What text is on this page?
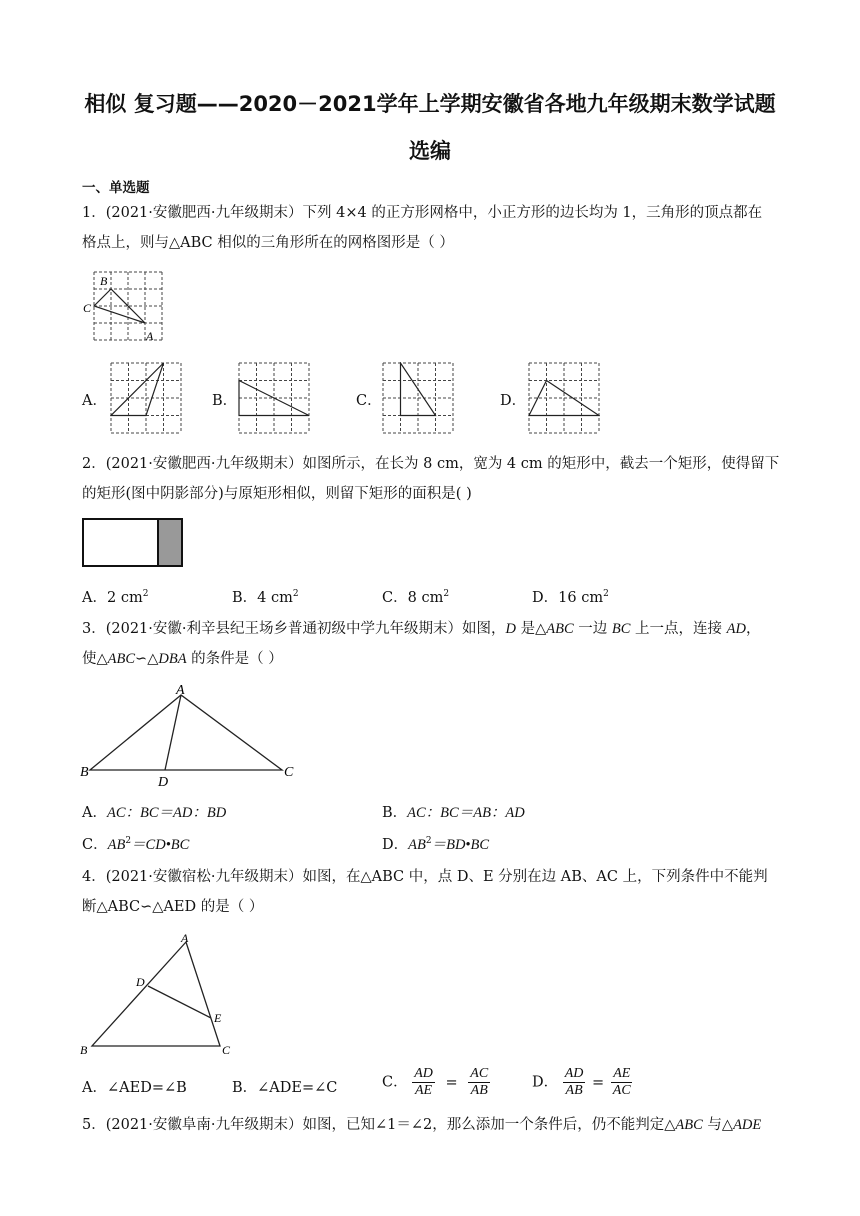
相似 复习题——2020－2021学年上学期安徽省各地九年级期末数学试题
选编
一、单选题
1．(2021·安徽肥西·九年级期末）下列 4×4 的正方形网格中，小正方形的边长均为 1，三角形的顶点都在
格点上，则与△ABC 相似的三角形所在的网格图形是（ ）
B
C
A
A．	B．	C．	D．
2．(2021·安徽肥西·九年级期末）如图所示，在长为 8 cm，宽为 4 cm 的矩形中，截去一个矩形，使得留下
的矩形(图中阴影部分)与原矩形相似，则留下矩形的面积是( )
A．2 $cm^2$	B．4 $cm^2$	C．8 $cm^2$	D．16 $cm^2$
3．(2021·安徽·利辛县纪王场乡普通初级中学九年级期末）如图，D 是△ABC 一边 BC 上一点，连接 AD，
使△ABC∽△DBA 的条件是（ ）
A
B	C
D
A．AC：BC＝AD：BD	B．AC：BC＝AB：AD
C．$AB^2=CD•BC$	D．$AB^2=BD•BC$
4．(2021·安徽宿松·九年级期末）如图，在△ABC 中，点 D、E 分别在边 AB、AC 上，下列条件中不能判
断△ABC∽△AED 的是（ ）
A
D
E
B	C
A．∠AED=∠B	B．∠ADE=∠C	C． $\frac{AD}{AE} = \frac{AC}{AB}$	D． $\frac{AD}{AB} = \frac{AE}{AC}$
5．(2021·安徽阜南·九年级期末）如图，已知∠1＝∠2，那么添加一个条件后，仍不能判定△ABC 与△ADE
